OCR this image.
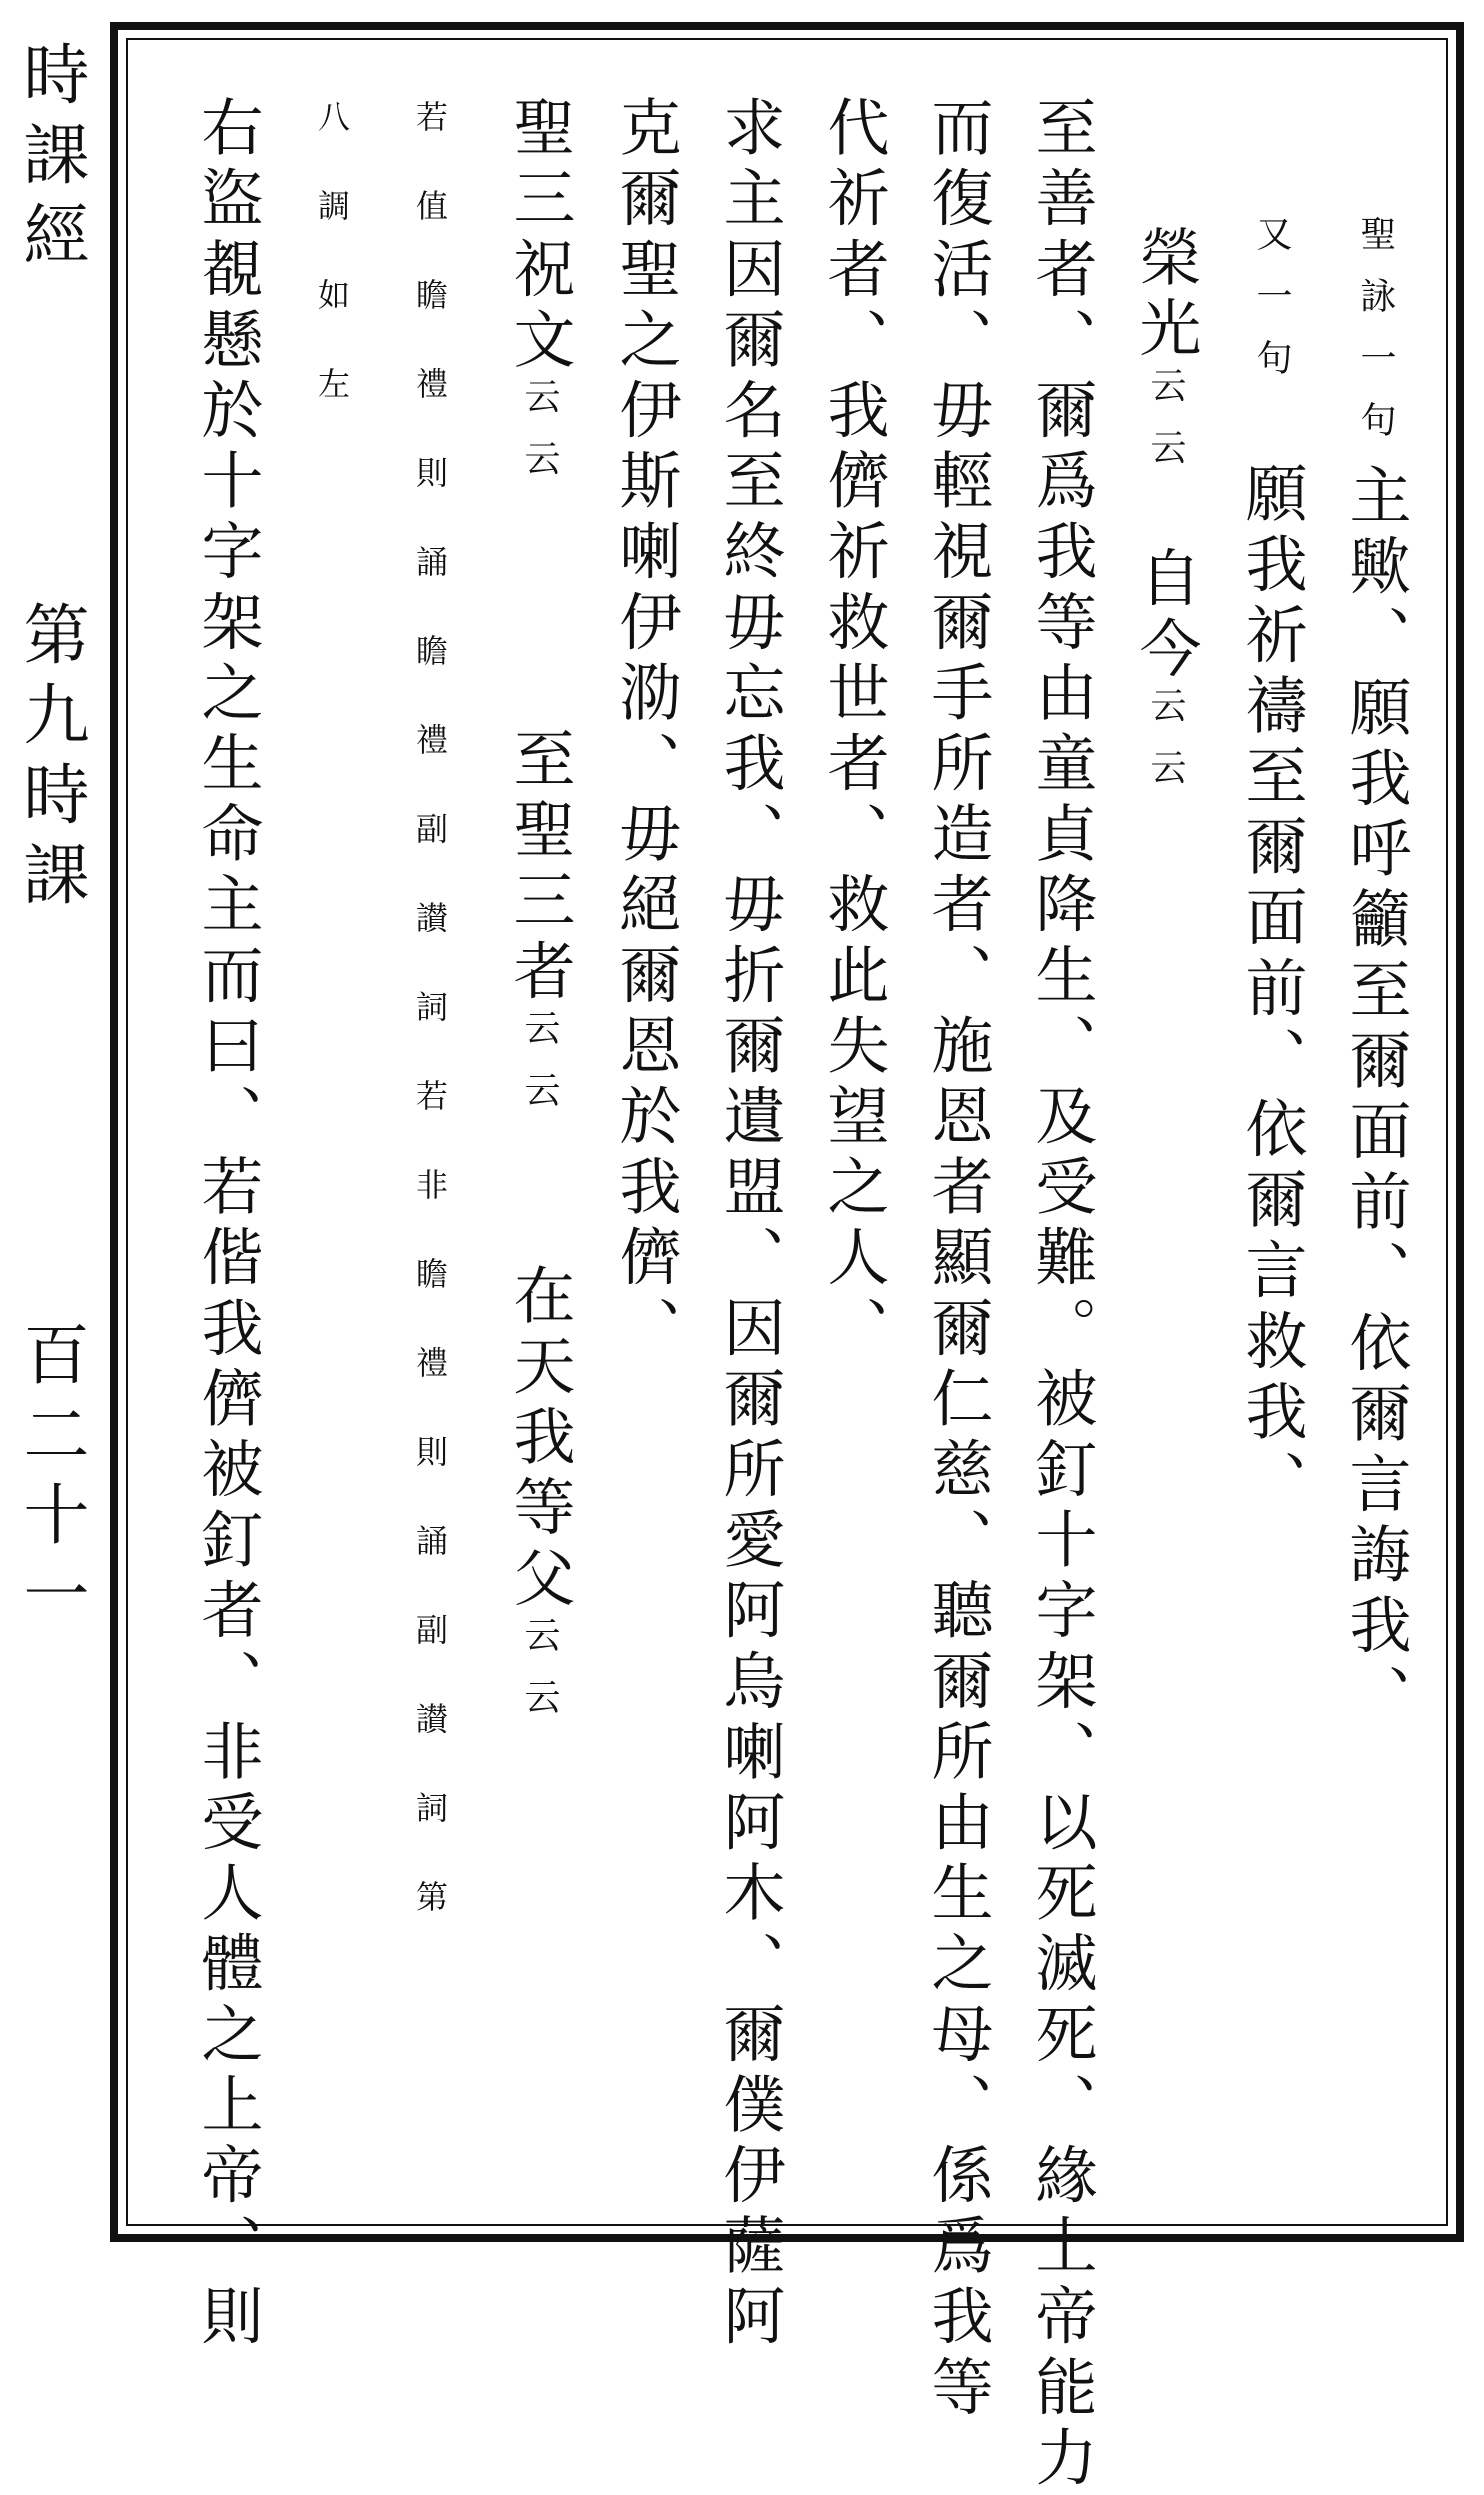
時課經
第九時課
百二十一
聖詠一句主歟、願我呼籲至爾面前、依爾言誨我、
又一句願我祈禱至爾面前、依爾言救我、
榮光云云自今云云
至善者、爾爲我等由童貞降生、及受難。被釘十字架、以死滅死、緣上帝能力
而復活、毋輕視爾手所造者、施恩者顯爾仁慈、聽爾所由生之母、係爲我等
代祈者、我儕祈救世者、救此失望之人、
求主因爾名至終毋忘我、毋折爾遺盟、因爾所愛阿烏喇阿木、爾僕伊薩阿
克爾聖之伊斯喇伊泐、毋絕爾恩於我儕、
聖三祝文云云至聖三者云云在天我等父云云
若值瞻禮則誦瞻禮副讃詞若非瞻禮則誦副讃詞第
八調如左
右盜覩懸於十字架之生命主而曰、若偕我儕被釘者、非受人體之上帝、則
